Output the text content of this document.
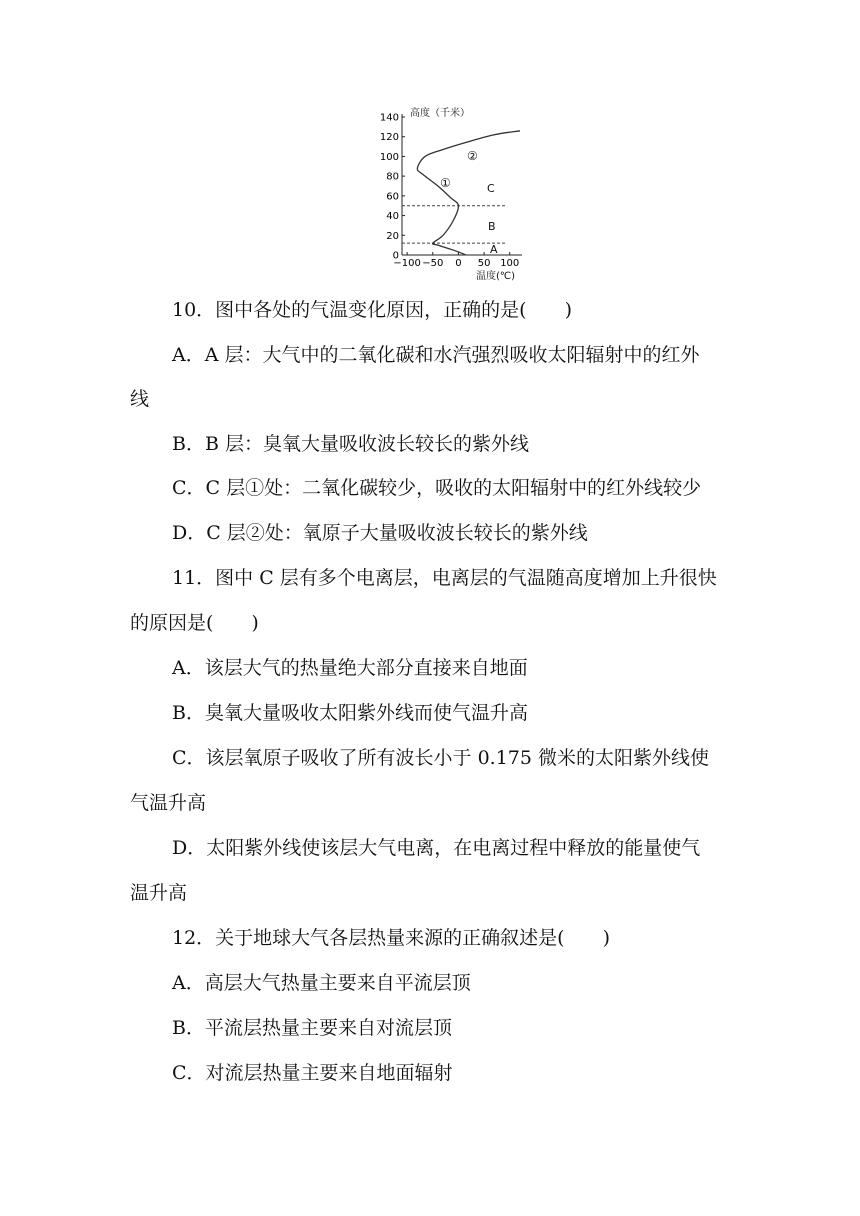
高度（千米）
温度(℃)
140
120
100
80
60
40
20
0
−100 −50 0 50 100
A
B
C
①
②
10．图中各处的气温变化原因，正确的是(　　)
A．A 层：大气中的二氧化碳和水汽强烈吸收太阳辐射中的红外
线
B．B 层：臭氧大量吸收波长较长的紫外线
C．C 层①处：二氧化碳较少，吸收的太阳辐射中的红外线较少
D．C 层②处：氧原子大量吸收波长较长的紫外线
11．图中 C 层有多个电离层，电离层的气温随高度增加上升很快
的原因是(　　)
A．该层大气的热量绝大部分直接来自地面
B．臭氧大量吸收太阳紫外线而使气温升高
C．该层氧原子吸收了所有波长小于 0.175 微米的太阳紫外线使
气温升高
D．太阳紫外线使该层大气电离，在电离过程中释放的能量使气
温升高
12．关于地球大气各层热量来源的正确叙述是(　　)
A．高层大气热量主要来自平流层顶
B．平流层热量主要来自对流层顶
C．对流层热量主要来自地面辐射
